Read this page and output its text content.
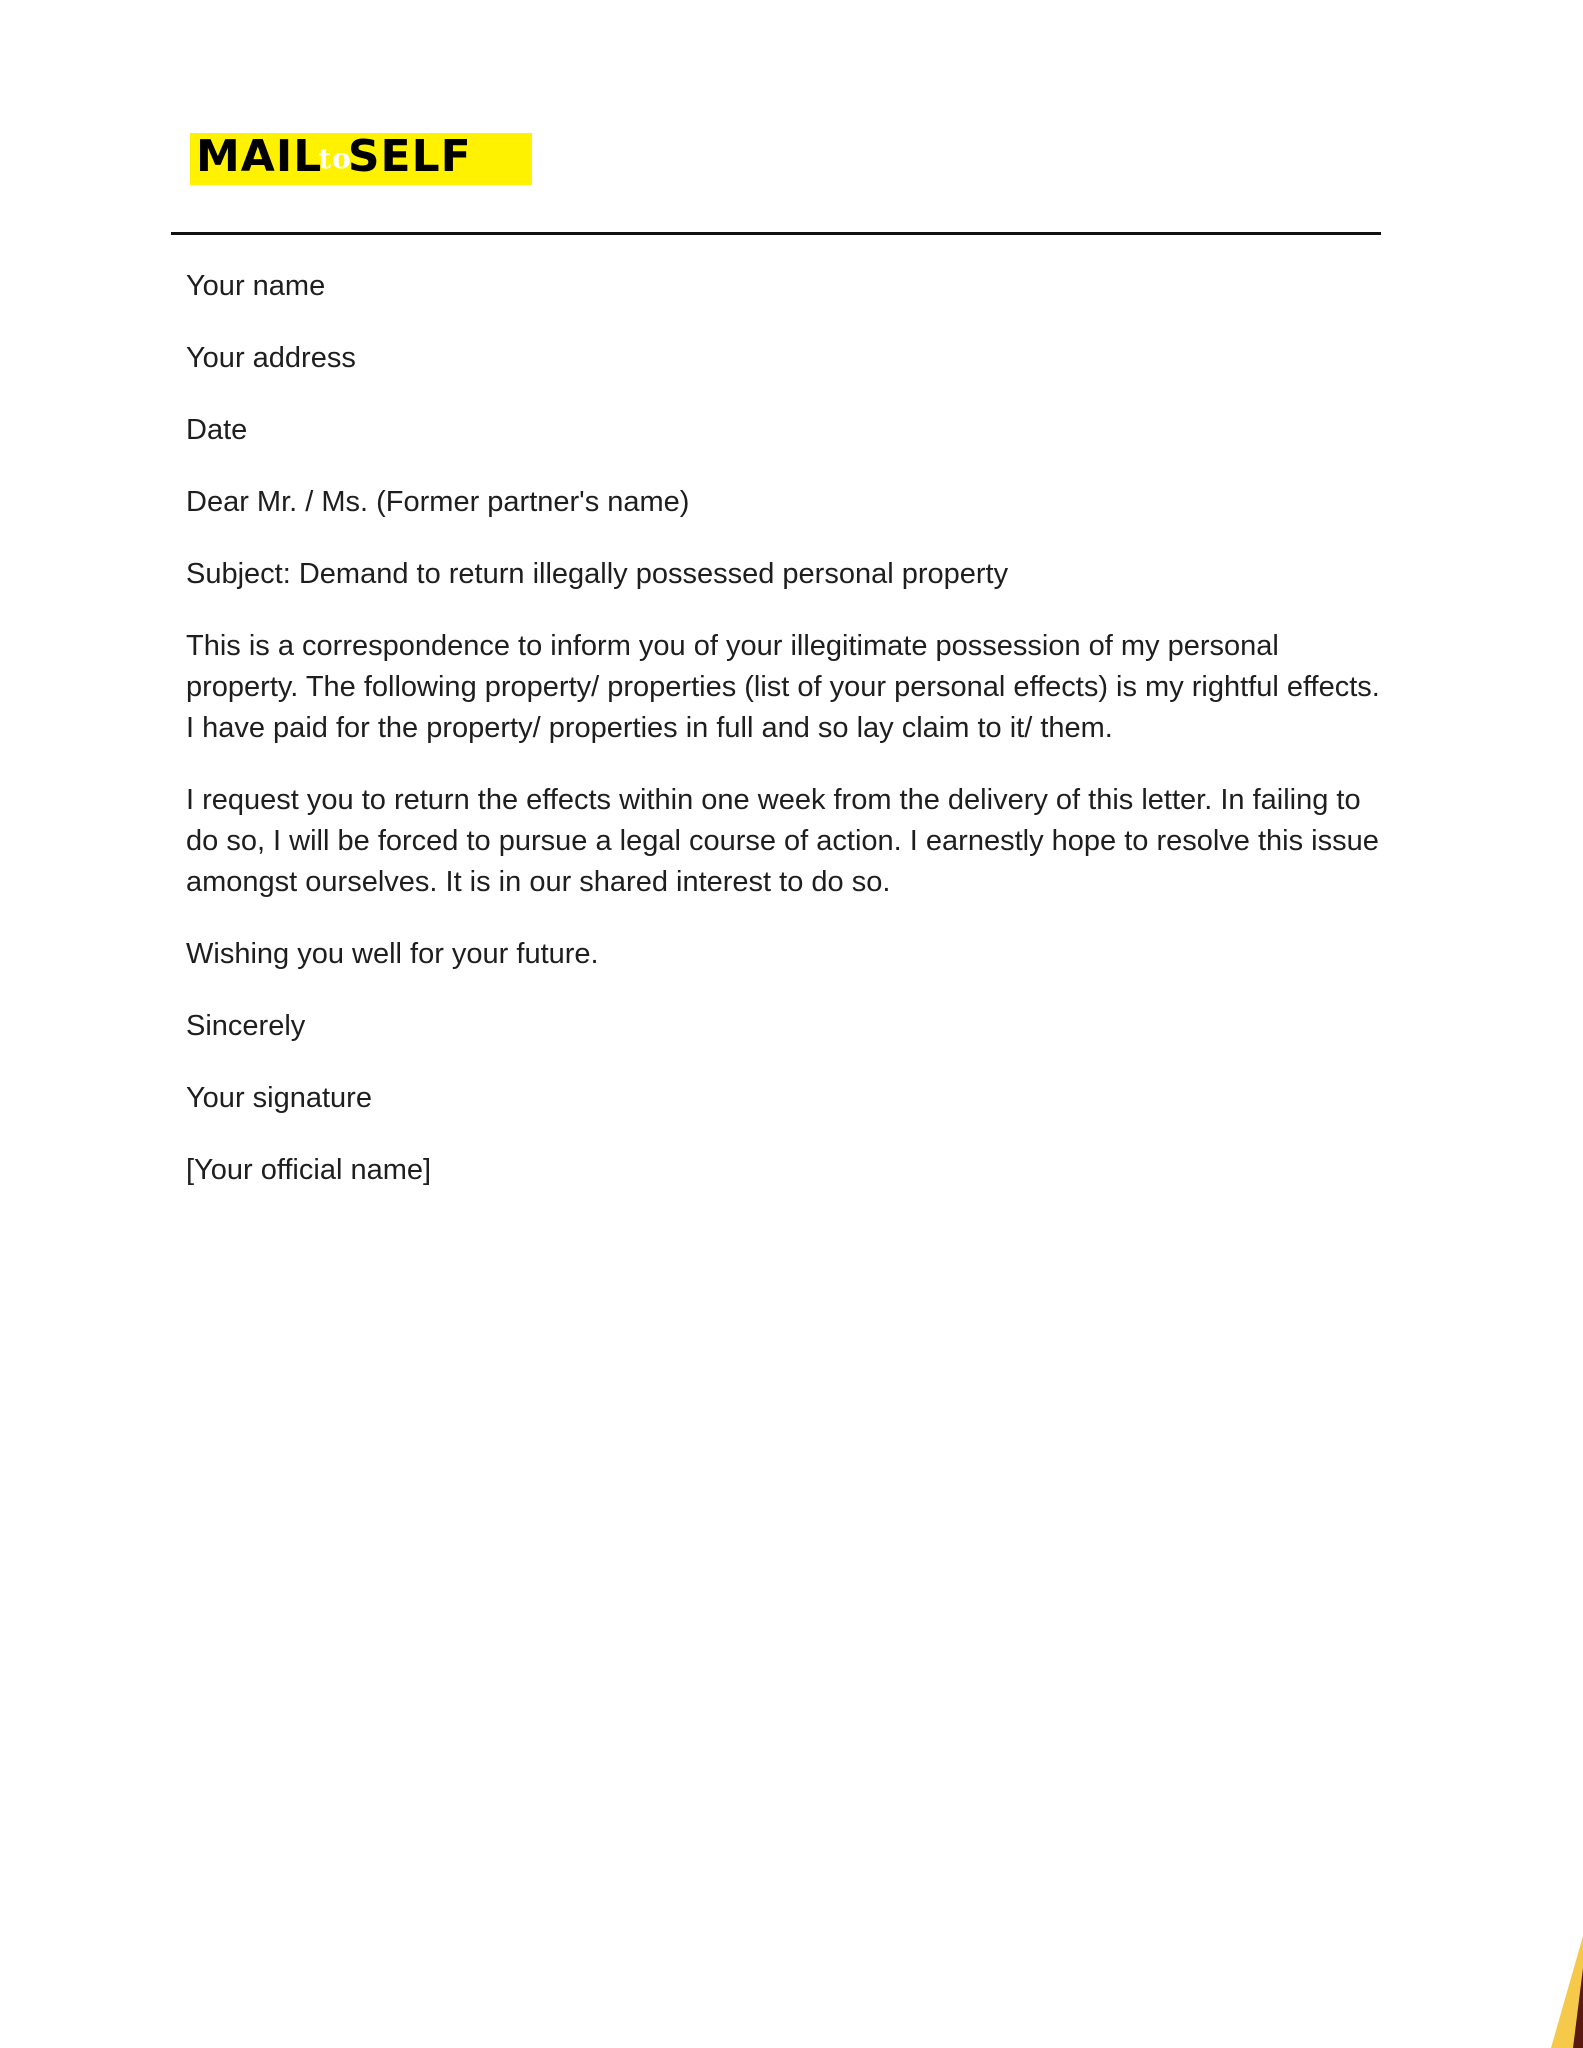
MAILtoSELF

Your name

Your address

Date

Dear Mr. / Ms. (Former partner's name)

Subject: Demand to return illegally possessed personal property

This is a correspondence to inform you of your illegitimate possession of my personal property. The following property/ properties (list of your personal effects) is my rightful effects. I have paid for the property/ properties in full and so lay claim to it/ them.

I request you to return the effects within one week from the delivery of this letter. In failing to do so, I will be forced to pursue a legal course of action. I earnestly hope to resolve this issue amongst ourselves. It is in our shared interest to do so.

Wishing you well for your future.

Sincerely

Your signature

[Your official name]
